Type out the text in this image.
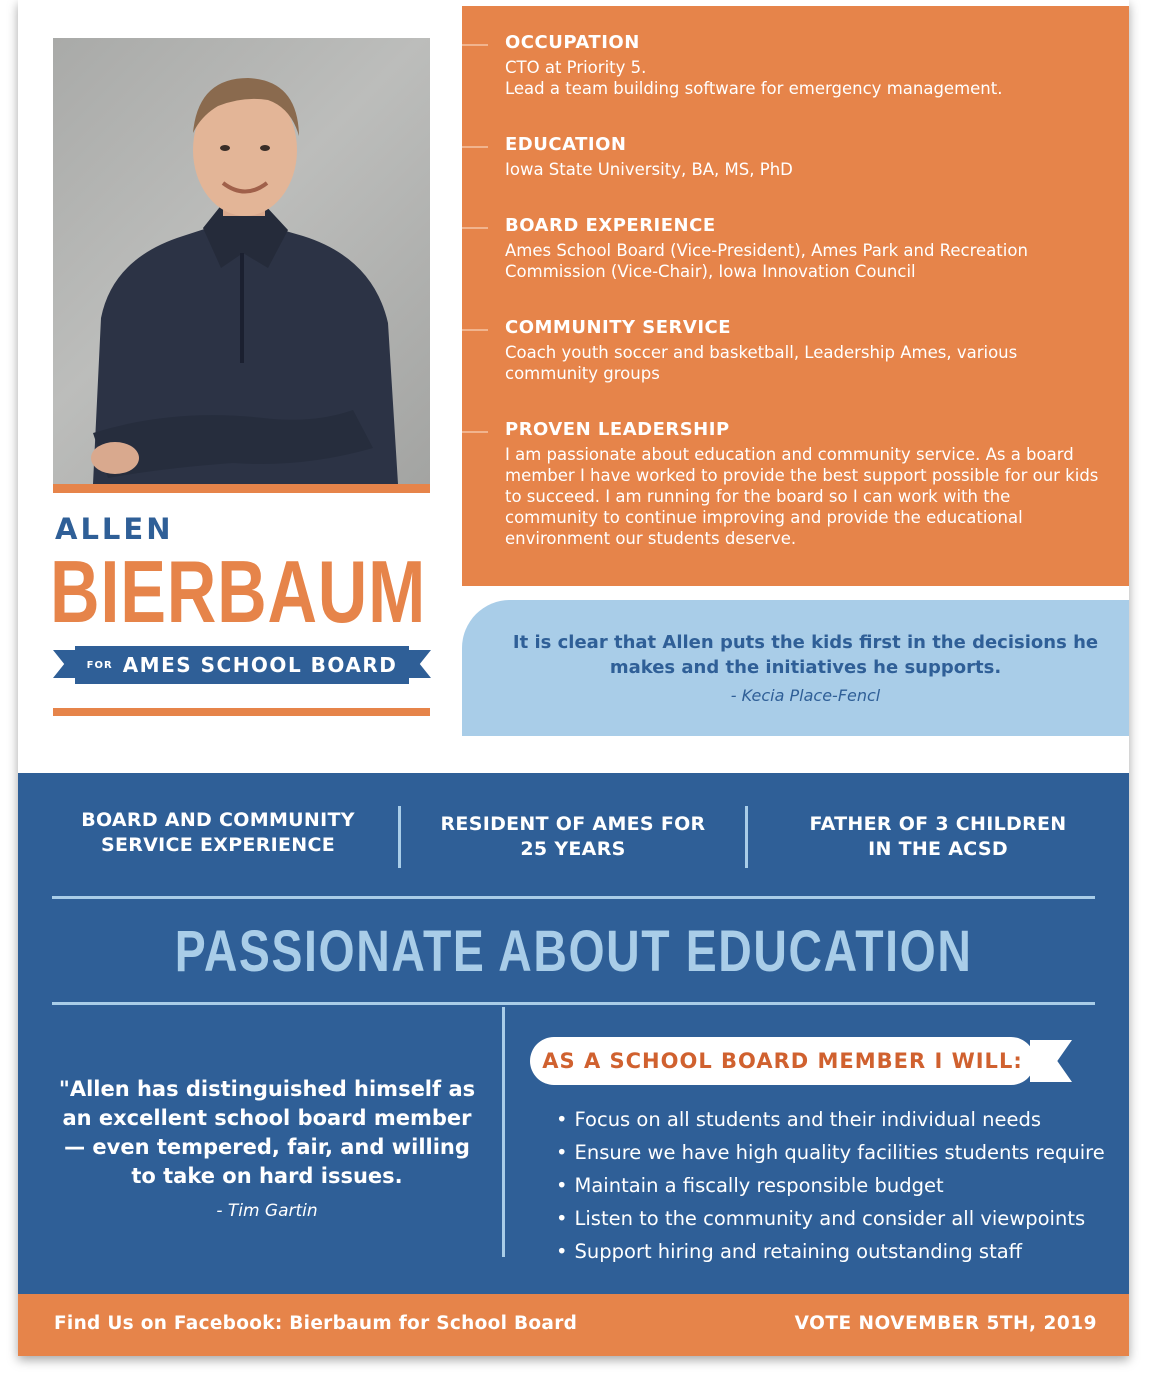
ALLEN
BIERBAUM
FOR AMES SCHOOL BOARD
OCCUPATION
CTO at Priority 5.
Lead a team building software for emergency management.
EDUCATION
Iowa State University, BA, MS, PhD
BOARD EXPERIENCE
Ames School Board (Vice-President), Ames Park and Recreation Commission (Vice-Chair), Iowa Innovation Council
COMMUNITY SERVICE
Coach youth soccer and basketball, Leadership Ames, various community groups
PROVEN LEADERSHIP
I am passionate about education and community service. As a board member I have worked to provide the best support possible for our kids to succeed. I am running for the board so I can work with the community to continue improving and provide the educational environment our students deserve.
It is clear that Allen puts the kids first in the decisions he makes and the initiatives he supports.
- Kecia Place-Fencl
BOARD AND COMMUNITY SERVICE EXPERIENCE
RESIDENT OF AMES FOR 25 YEARS
FATHER OF 3 CHILDREN IN THE ACSD
PASSIONATE ABOUT EDUCATION
"Allen has distinguished himself as an excellent school board member — even tempered, fair, and willing to take on hard issues.
- Tim Gartin
AS A SCHOOL BOARD MEMBER I WILL:
• Focus on all students and their individual needs
• Ensure we have high quality facilities students require
• Maintain a fiscally responsible budget
• Listen to the community and consider all viewpoints
• Support hiring and retaining outstanding staff
Find Us on Facebook: Bierbaum for School Board	VOTE NOVEMBER 5TH, 2019
